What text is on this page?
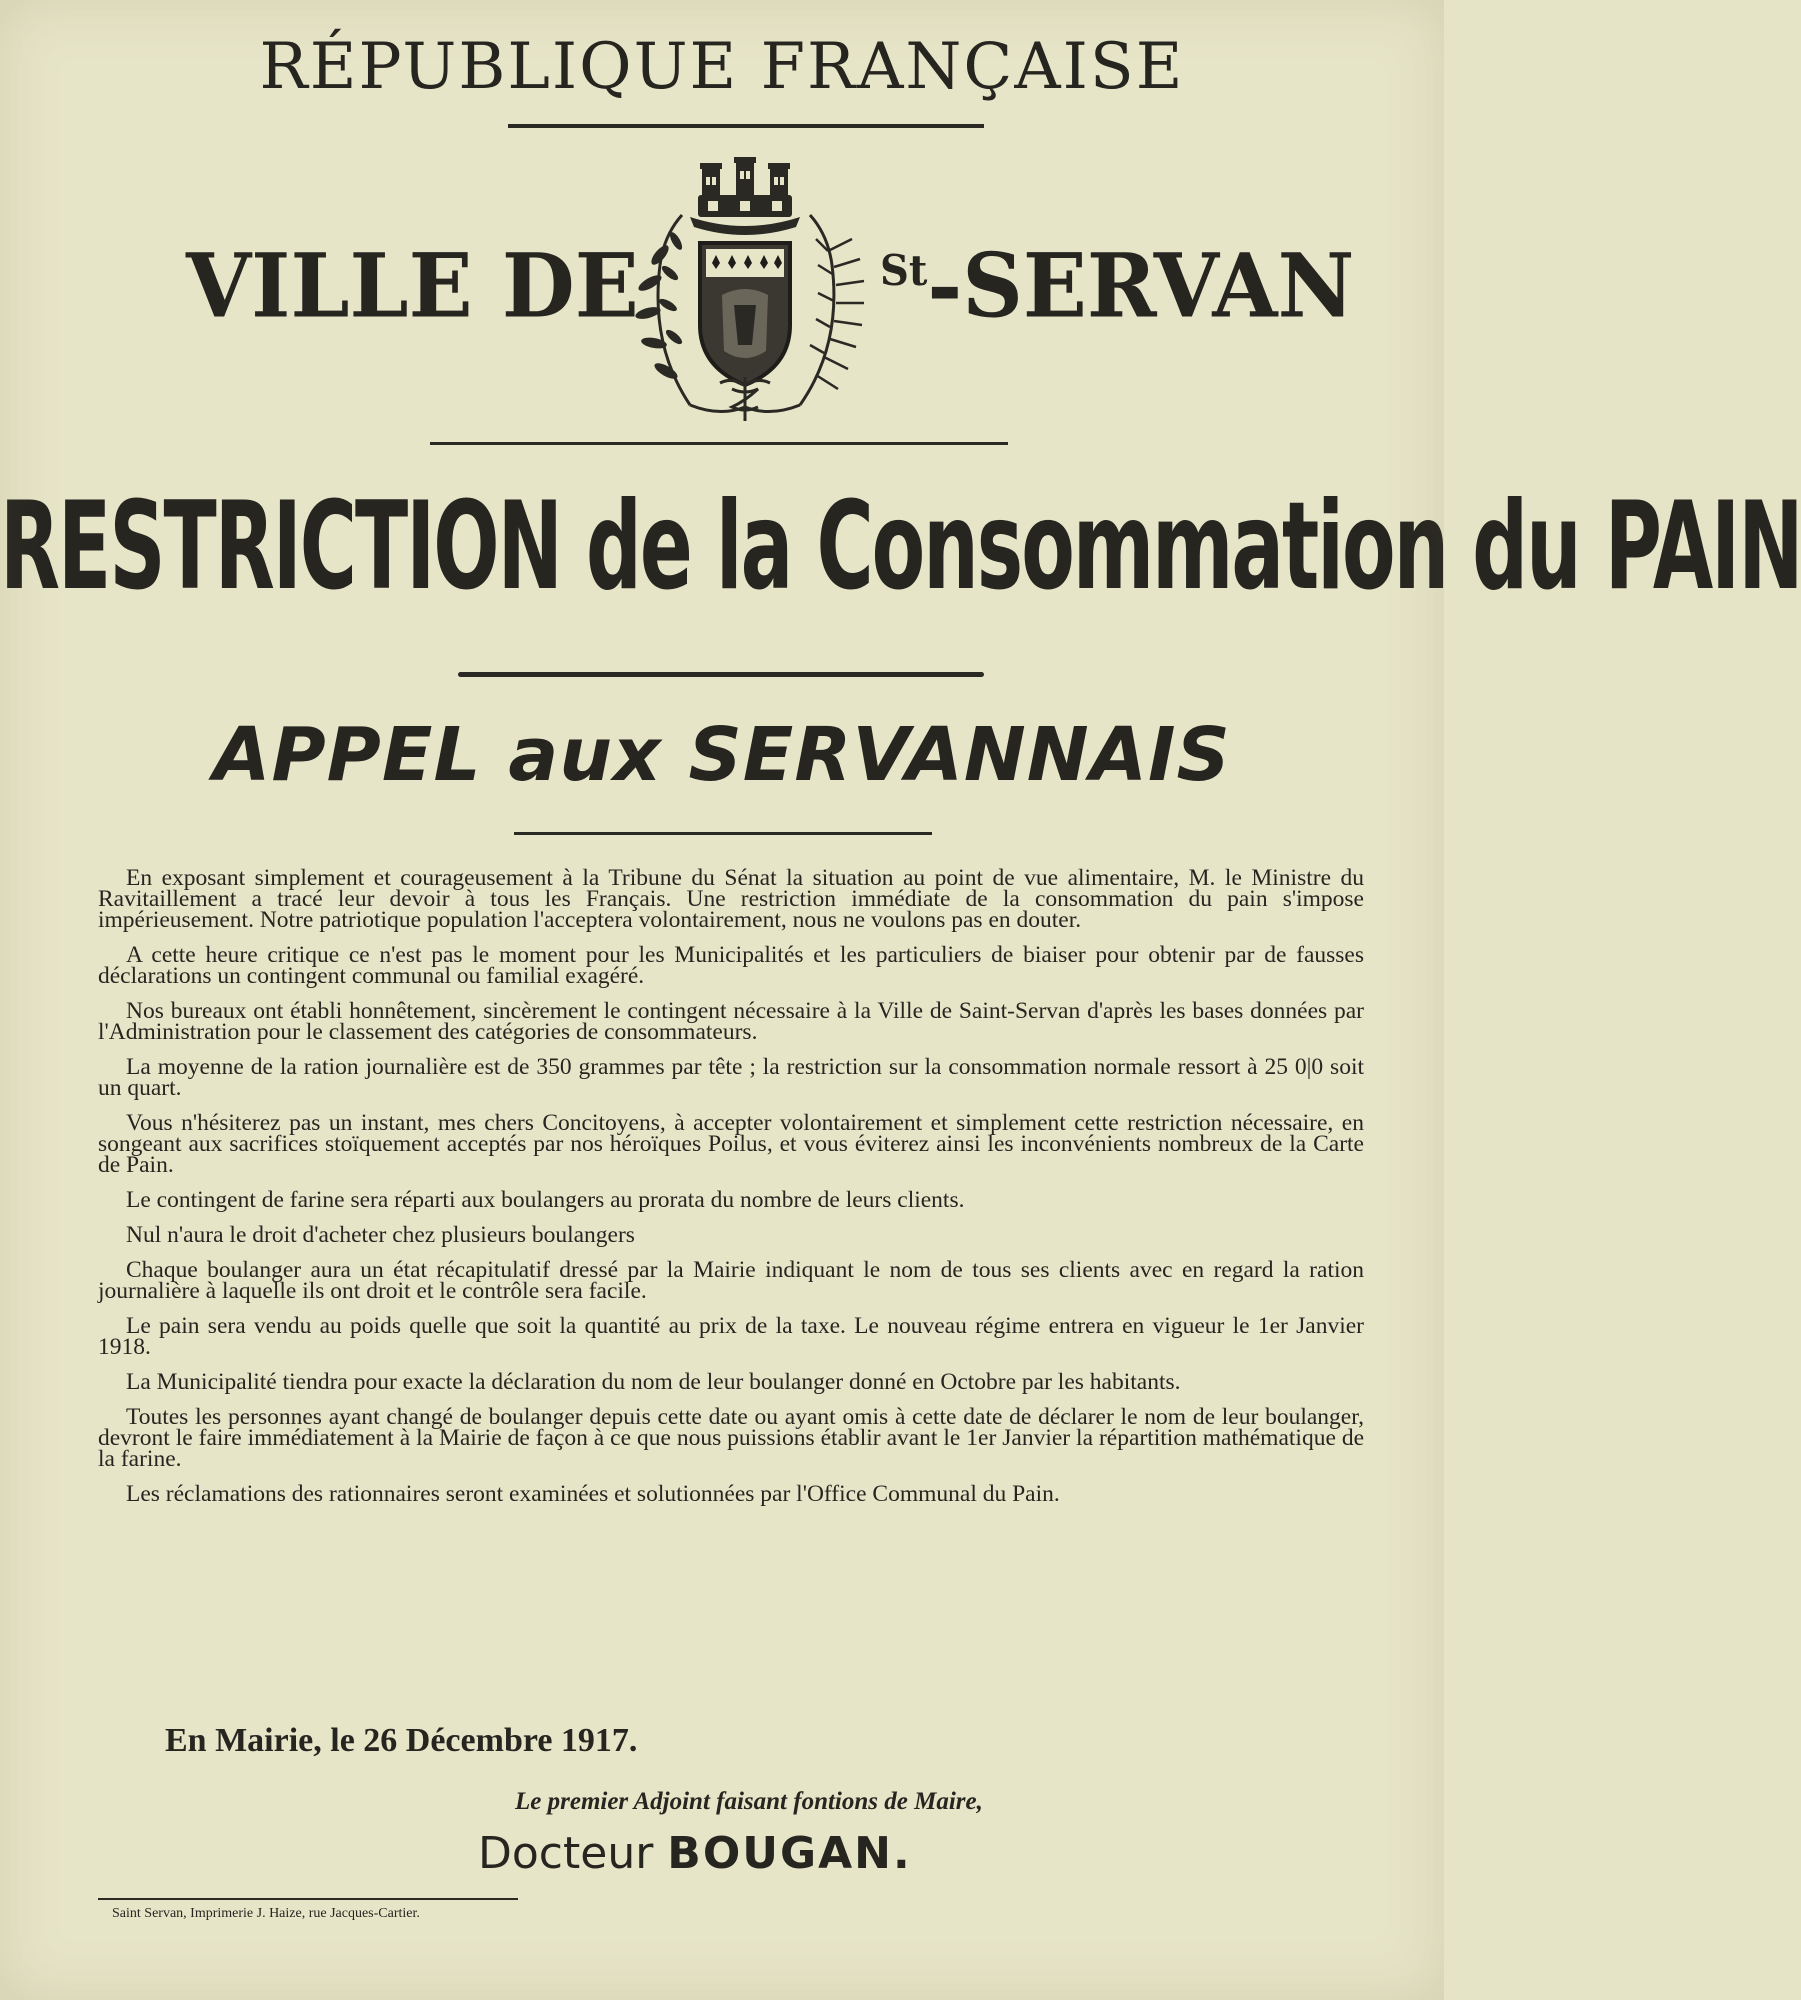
RÉPUBLIQUE FRANÇAISE
VILLE DE	$^{St}$-SERVAN
RESTRICTION de la Consommation du PAIN
APPEL aux SERVANNAIS

En exposant simplement et courageusement à la Tribune du Sénat la situation au point de vue alimentaire, M. le Ministre du Ravitaillement a tracé leur devoir à tous les Français. Une restriction immédiate de la consommation du pain s'impose impérieusement. Notre patriotique population l'acceptera volontairement, nous ne voulons pas en douter.

A cette heure critique ce n'est pas le moment pour les Municipalités et les particuliers de biaiser pour obtenir par de fausses déclarations un contingent communal ou familial exagéré.

Nos bureaux ont établi honnêtement, sincèrement le contingent nécessaire à la Ville de Saint-Servan d'après les bases données par l'Administration pour le classement des catégories de consommateurs.

La moyenne de la ration journalière est de 350 grammes par tête ; la restriction sur la consommation normale ressort à 25 0|0 soit un quart.

Vous n'hésiterez pas un instant, mes chers Concitoyens, à accepter volontairement et simplement cette restriction nécessaire, en songeant aux sacrifices stoïquement acceptés par nos héroïques Poilus, et vous éviterez ainsi les inconvénients nombreux de la Carte de Pain.

Le contingent de farine sera réparti aux boulangers au prorata du nombre de leurs clients.

Nul n'aura le droit d'acheter chez plusieurs boulangers

Chaque boulanger aura un état récapitulatif dressé par la Mairie indiquant le nom de tous ses clients avec en regard la ration journalière à laquelle ils ont droit et le contrôle sera facile.

Le pain sera vendu au poids quelle que soit la quantité au prix de la taxe. Le nouveau régime entrera en vigueur le 1er Janvier 1918.

La Municipalité tiendra pour exacte la déclaration du nom de leur boulanger donné en Octobre par les habitants.

Toutes les personnes ayant changé de boulanger depuis cette date ou ayant omis à cette date de déclarer le nom de leur boulanger, devront le faire immédiatement à la Mairie de façon à ce que nous puissions établir avant le 1er Janvier la répartition mathématique de la farine.

Les réclamations des rationnaires seront examinées et solutionnées par l'Office Communal du Pain.

En Mairie, le 26 Décembre 1917.

Le premier Adjoint faisant fontions de Maire,

Docteur BOUGAN.

Saint Servan, Imprimerie J. Haize, rue Jacques-Cartier.
